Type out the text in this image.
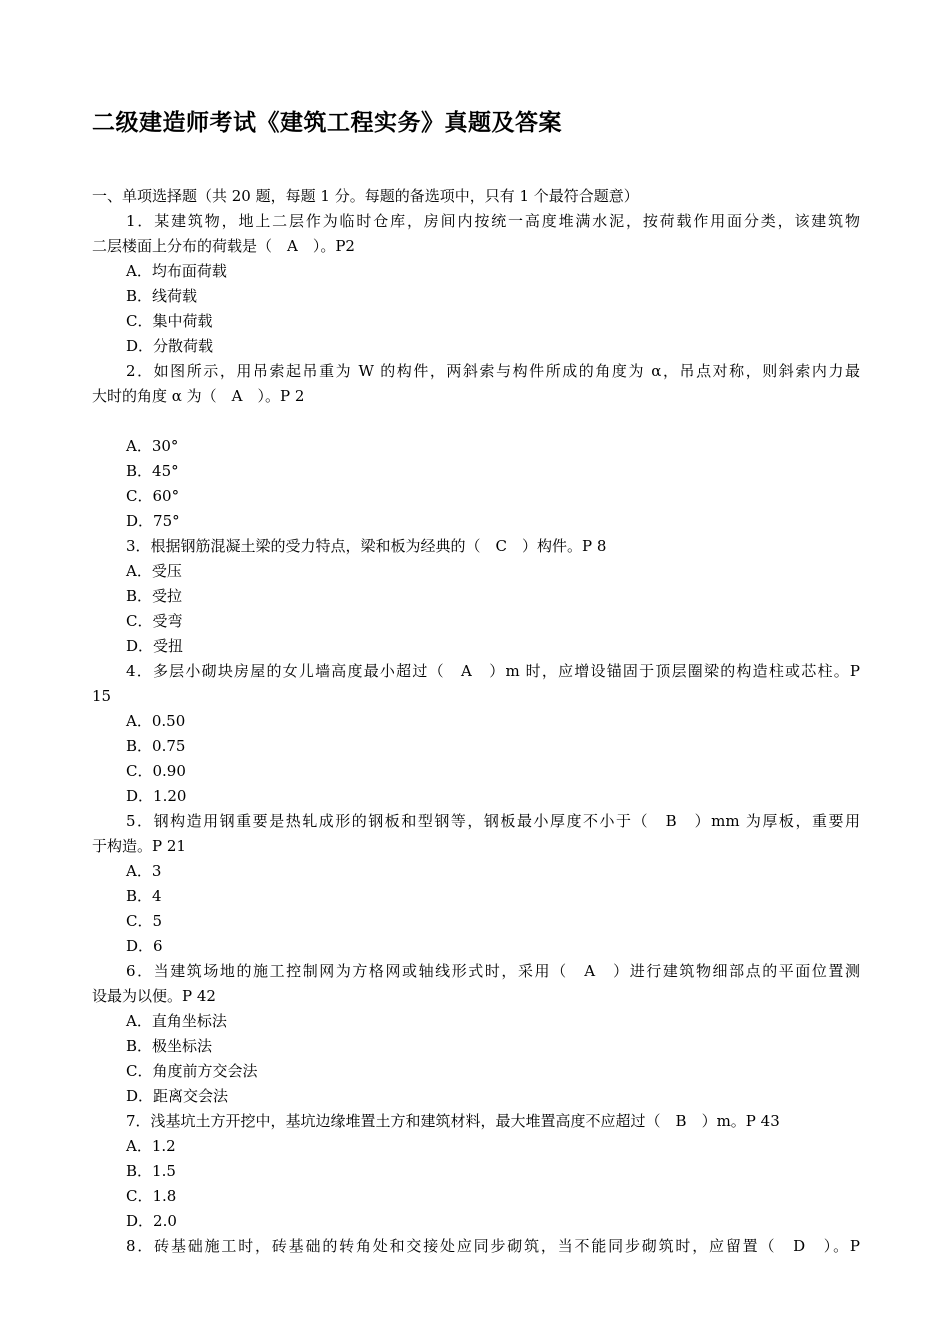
二级建造师考试《建筑工程实务》真题及答案
一、单项选择题（共 20 题，每题 1 分。每题的备选项中，只有 1 个最符合题意）
1．某建筑物，地上二层作为临时仓库，房间内按统一高度堆满水泥，按荷载作用面分类，该建筑物
二层楼面上分布的荷载是（　A　）。P2
A．均布面荷载
B．线荷载
C．集中荷载
D．分散荷载
2．如图所示，用吊索起吊重为 W 的构件，两斜索与构件所成的角度为 α，吊点对称，则斜索内力最
大时的角度 α 为（　A　）。P 2
A．30°
B．45°
C．60°
D．75°
3．根据钢筋混凝土梁的受力特点，梁和板为经典的（　C　）构件。P 8
A．受压
B．受拉
C．受弯
D．受扭
4．多层小砌块房屋的女儿墙高度最小超过（　A　）m 时，应增设锚固于顶层圈梁的构造柱或芯柱。P
15
A．0.50
B．0.75
C．0.90
D．1.20
5．钢构造用钢重要是热轧成形的钢板和型钢等，钢板最小厚度不小于（　B　）mm 为厚板，重要用
于构造。P 21
A．3
B．4
C．5
D．6
6．当建筑场地的施工控制网为方格网或轴线形式时，采用（　A　）进行建筑物细部点的平面位置测
设最为以便。P 42
A．直角坐标法
B．极坐标法
C．角度前方交会法
D．距离交会法
7．浅基坑土方开挖中，基坑边缘堆置土方和建筑材料，最大堆置高度不应超过（　B　）m。P 43
A．1.2
B．1.5
C．1.8
D．2.0
8．砖基础施工时，砖基础的转角处和交接处应同步砌筑，当不能同步砌筑时，应留置（　D　）。P
